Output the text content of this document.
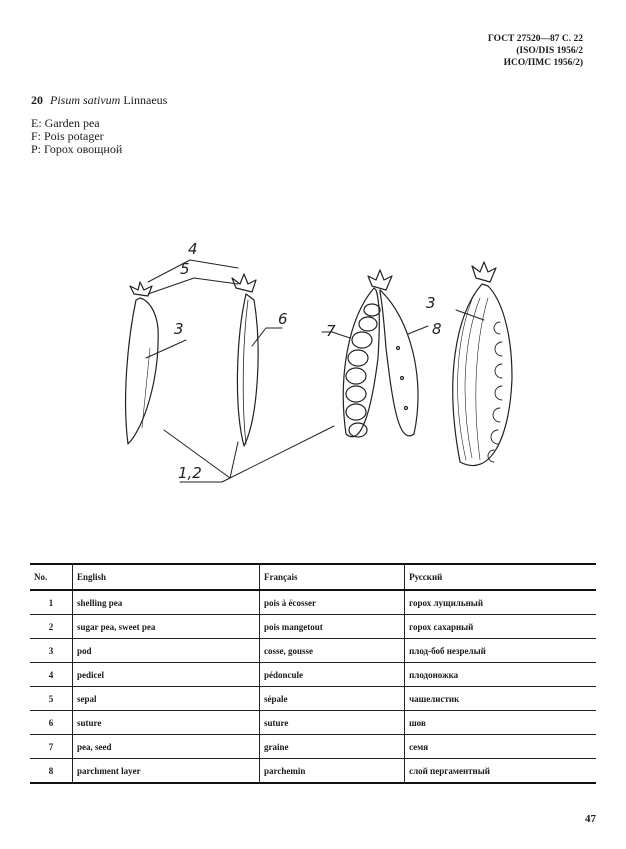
ГОСТ 27520—87 С. 22
(ISO/DIS 1956/2
ИСО/ПМС 1956/2)
20 Pisum sativum Linnaeus
E: Garden pea
F: Pois potager
P: Горох овощной
4
5
3
6
7	8
3
1,2
No.	English	Français	Русский
1	shelling pea	pois à écosser	горох лущильный
2	sugar pea, sweet pea	pois mangetout	горох сахарный
3	pod	cosse, gousse	плод-боб незрелый
4	pedicel	pédoncule	плодоножка
5	sepal	sépale	чашелистик
6	suture	suture	шов
7	pea, seed	graine	семя
8	parchment layer	parchemin	слой пергаментный
47
